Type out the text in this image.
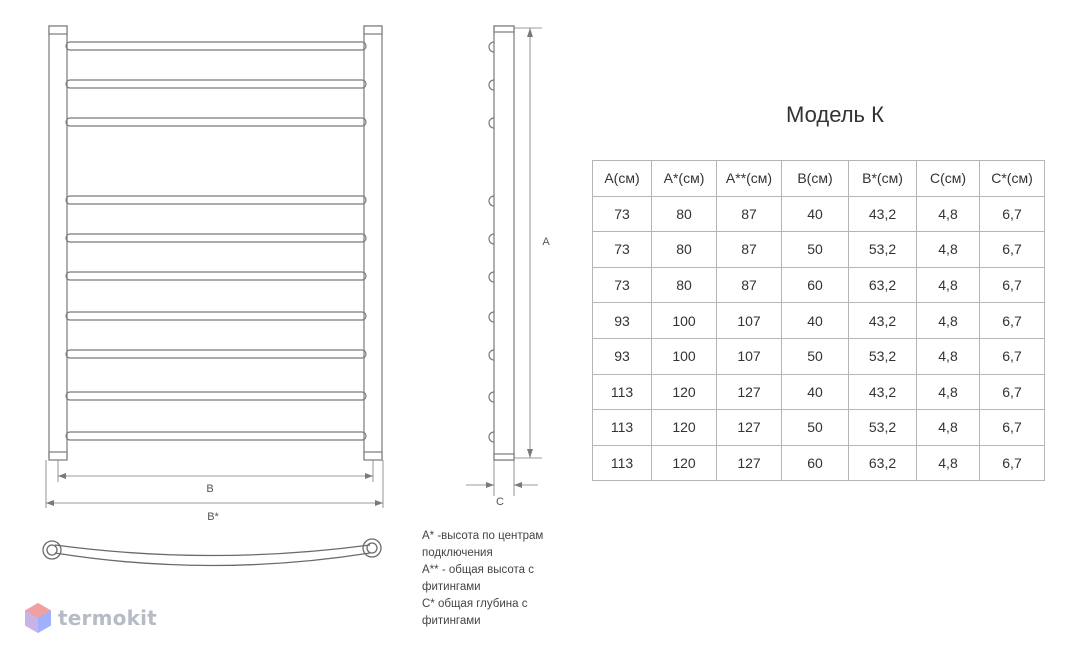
B
B*
A
C
Модель К
A(см)	A*(см)	A**(см)	B(см)	B*(см)	C(см)	C*(см)
73	80	87	40	43,2	4,8	6,7
73	80	87	50	53,2	4,8	6,7
73	80	87	60	63,2	4,8	6,7
93	100	107	40	43,2	4,8	6,7
93	100	107	50	53,2	4,8	6,7
113	120	127	40	43,2	4,8	6,7
113	120	127	50	53,2	4,8	6,7
113	120	127	60	63,2	4,8	6,7

A* -высота по центрам подключения

A** - общая высота с фитингами

C* общая глубина с фитингами

termokit
